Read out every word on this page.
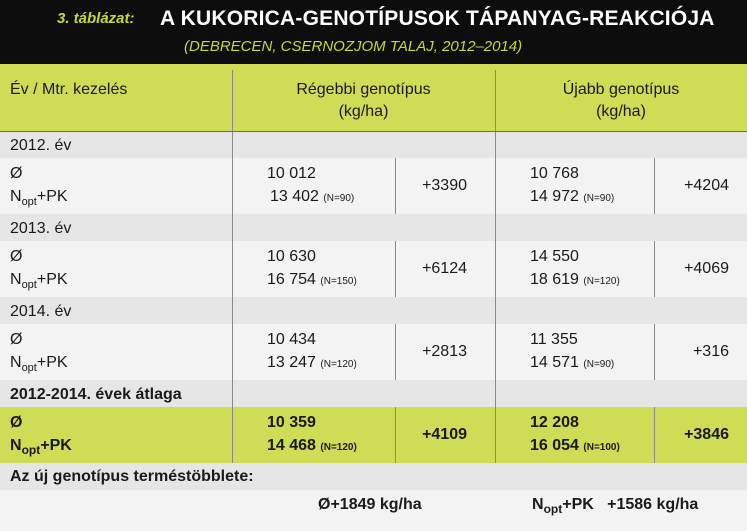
3. táblázat: A KUKORICA-GENOTÍPUSOK TÁPANYAG-REAKCIÓJA
(DEBRECEN, CSERNOZJOM TALAJ, 2012–2014)
Év / Mtr. kezelés	Régebbi genotípus
(kg/ha)
Újabb genotípus
(kg/ha)
2012. év
Ø
$N_{opt}+PK$
10 012
13 402 (N=90)
+3390
10 768
14 972 (N=90)
+4204
2013. év
Ø
$N_{opt}+PK$
10 630
16 754 (N=150)
+6124
14 550
18 619 (N=120)
+4069
2014. év
Ø
$N_{opt}+PK$
10 434
13 247 (N=120)
+2813
11 355
14 571 (N=90)
+316
2012-2014. évek átlaga
Ø
$N_{opt}+PK$
10 359
14 468 (N=120)
+4109
12 208
16 054 (N=100)
+3846
Az új genotípus terméstöbblete:
Ø+1849 kg/ha	$N_{opt}+PK +1586$ kg/ha
